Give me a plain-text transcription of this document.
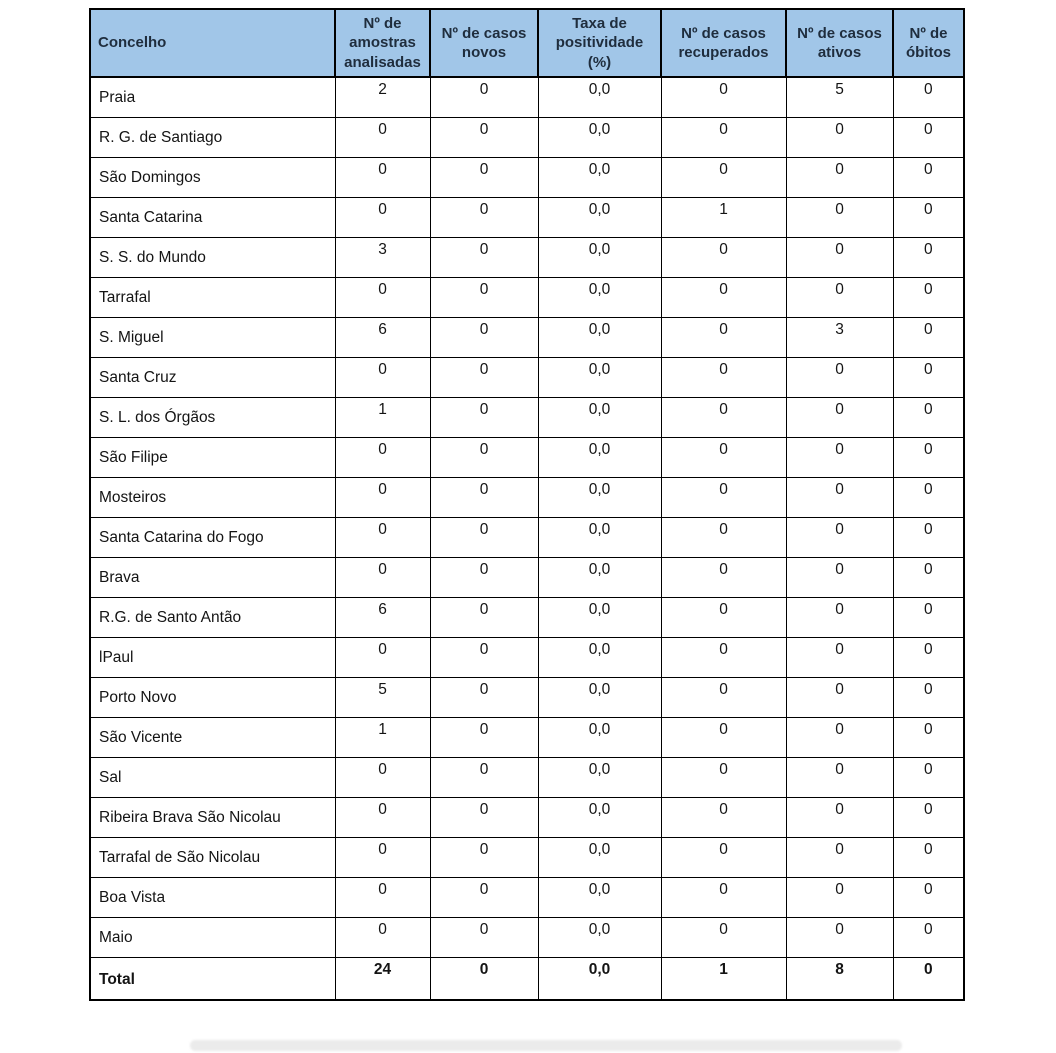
Concelho	Nº de amostras analisadas	Nº de casos novos	Taxa de positividade (%)	Nº de casos recuperados	Nº de casos ativos	Nº de óbitos
Praia	2	0	0,0	0	5	0
R. G. de Santiago	0	0	0,0	0	0	0
São Domingos	0	0	0,0	0	0	0
Santa Catarina	0	0	0,0	1	0	0
S. S. do Mundo	3	0	0,0	0	0	0
Tarrafal	0	0	0,0	0	0	0
S. Miguel	6	0	0,0	0	3	0
Santa Cruz	0	0	0,0	0	0	0
S. L. dos Órgãos	1	0	0,0	0	0	0
São Filipe	0	0	0,0	0	0	0
Mosteiros	0	0	0,0	0	0	0
Santa Catarina do Fogo	0	0	0,0	0	0	0
Brava	0	0	0,0	0	0	0
R.G. de Santo Antão	6	0	0,0	0	0	0
lPaul	0	0	0,0	0	0	0
Porto Novo	5	0	0,0	0	0	0
São Vicente	1	0	0,0	0	0	0
Sal	0	0	0,0	0	0	0
Ribeira Brava São Nicolau	0	0	0,0	0	0	0
Tarrafal de São Nicolau	0	0	0,0	0	0	0
Boa Vista	0	0	0,0	0	0	0
Maio	0	0	0,0	0	0	0
Total	24	0	0,0	1	8	0
